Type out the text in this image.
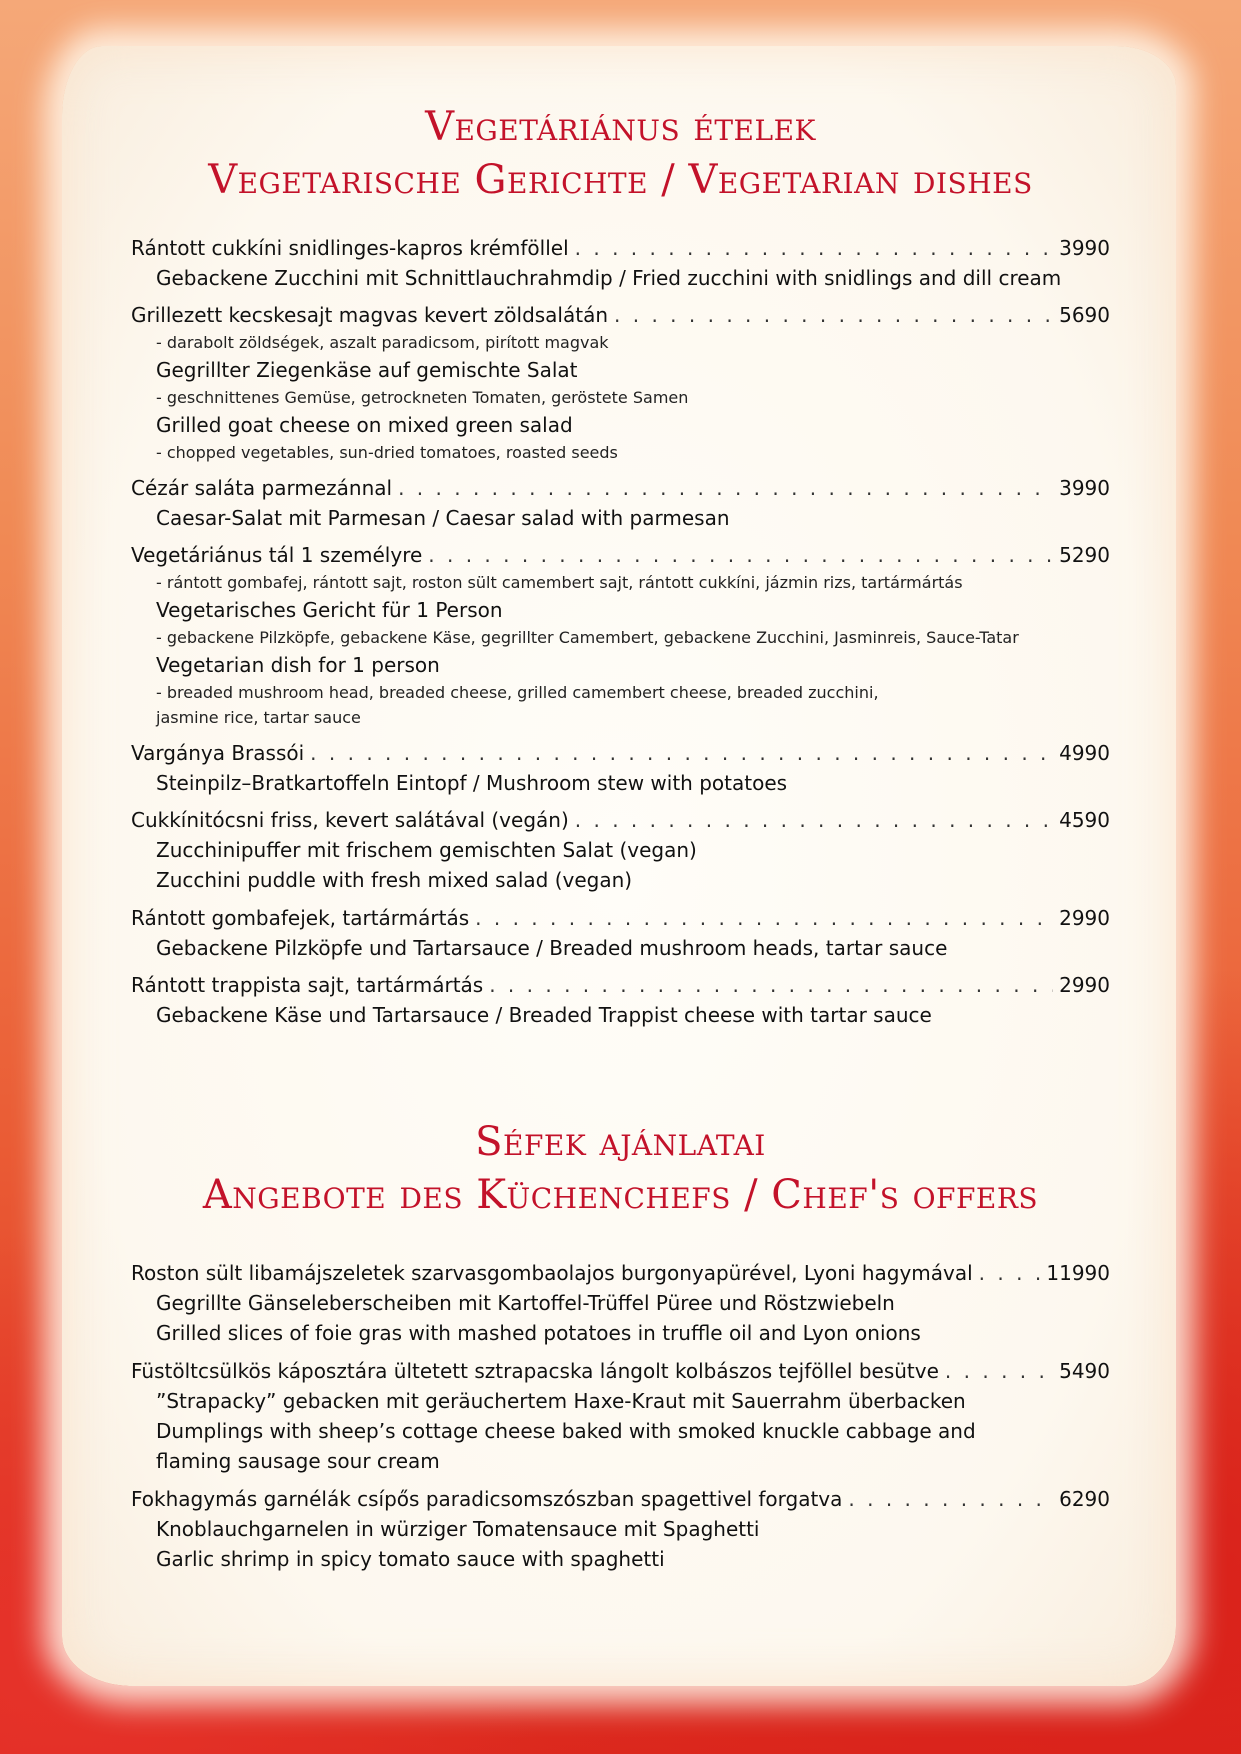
Vegetáriánus ételek
Vegetarische Gerichte / Vegetarian dishes
Rántott cukkíni snidlinges-kapros krémföllel . . .	3990
Gebackene Zucchini mit Schnittlauchrahmdip / Fried zucchini with snidlings and dill cream
Grillezett kecskesajt magvas kevert zöldsalátán . . .	5690
- darabolt zöldségek, aszalt paradicsom, pirított magvak
Gegrillter Ziegenkäse auf gemischte Salat
- geschnittenes Gemüse, getrockneten Tomaten, geröstete Samen
Grilled goat cheese on mixed green salad
- chopped vegetables, sun-dried tomatoes, roasted seeds
Cézár saláta parmezánnal . . .	3990
Caesar-Salat mit Parmesan / Caesar salad with parmesan
Vegetáriánus tál 1 személyre . . .	5290
- rántott gombafej, rántott sajt, roston sült camembert sajt, rántott cukkíni, jázmin rizs, tartármártás
Vegetarisches Gericht für 1 Person
- gebackene Pilzköpfe, gebackene Käse, gegrillter Camembert, gebackene Zucchini, Jasminreis, Sauce-Tatar
Vegetarian dish for 1 person
- breaded mushroom head, breaded cheese, grilled camembert cheese, breaded zucchini,
jasmine rice, tartar sauce
Vargánya Brassói . . .	4990
Steinpilz–Bratkartoffeln Eintopf / Mushroom stew with potatoes
Cukkínitócsni friss, kevert salátával (vegán) . . .	4590
Zucchinipuffer mit frischem gemischten Salat (vegan)
Zucchini puddle with fresh mixed salad (vegan)
Rántott gombafejek, tartármártás . . .	2990
Gebackene Pilzköpfe und Tartarsauce / Breaded mushroom heads, tartar sauce
Rántott trappista sajt, tartármártás . . .	2990
Gebackene Käse und Tartarsauce / Breaded Trappist cheese with tartar sauce
Séfek ajánlatai
Angebote des Küchenchefs / Chef's offers
Roston sült libamájszeletek szarvasgombaolajos burgonyapürével, Lyoni hagymával . . .	11990
Gegrillte Gänseleberscheiben mit Kartoffel-Trüffel Püree und Röstzwiebeln
Grilled slices of foie gras with mashed potatoes in truffle oil and Lyon onions
Füstöltcsülkös káposztára ültetett sztrapacska lángolt kolbászos tejföllel besütve . . .	5490
”Strapacky” gebacken mit geräuchertem Haxe-Kraut mit Sauerrahm überbacken
Dumplings with sheep’s cottage cheese baked with smoked knuckle cabbage and
flaming sausage sour cream
Fokhagymás garnélák csípős paradicsomszószban spagettivel forgatva . . .	6290
Knoblauchgarnelen in würziger Tomatensauce mit Spaghetti
Garlic shrimp in spicy tomato sauce with spaghetti
